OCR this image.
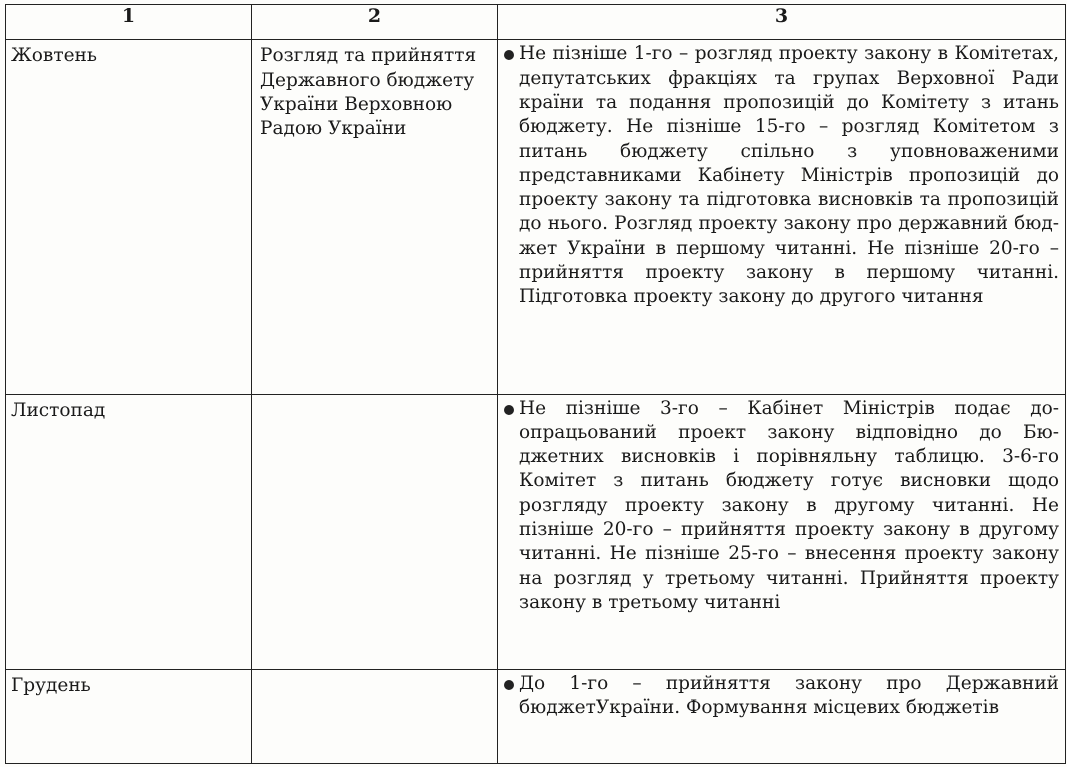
1	2	3

Жовтень	Розгляд та прийняття Державного бюджету України Верховною Радою України	Не пізніше 1-го – розгляд проекту закону в Комітетах, депутатських фракціях та групах Верховної Ради країни та подання пропозицій до Комітету з итань бюджету. Не пізніше 15-го – розгляд Комітетом з питань бюджету спільно з уповноваженими представниками Кабінету Міністрів пропозицій до проекту закону та підготовка висновків та пропозицій до нього. Розгляд проекту закону про державний бюджет України в першому читанні. Не пізніше 20-го – прийняття проекту закону в першому читанні. Підготовка проекту закону до другого читання

Листопад		Не пізніше 3-го – Кабінет Міністрів подає доопрацьований проект закону відповідно до Бюджетних висновків і порівняльну таблицю. 3-6-го Комітет з питань бюджету готує висновки щодо розгляду проекту закону в другому читанні. Не пізніше 20-го – прийняття проекту закону в другому читанні. Не пізніше 25-го – внесення проекту закону на розгляд у третьому читанні. Прийняття проекту закону в третьому читанні

Грудень		До 1-го – прийняття закону про Державний бюджетУкраїни. Формування місцевих бюджетів
